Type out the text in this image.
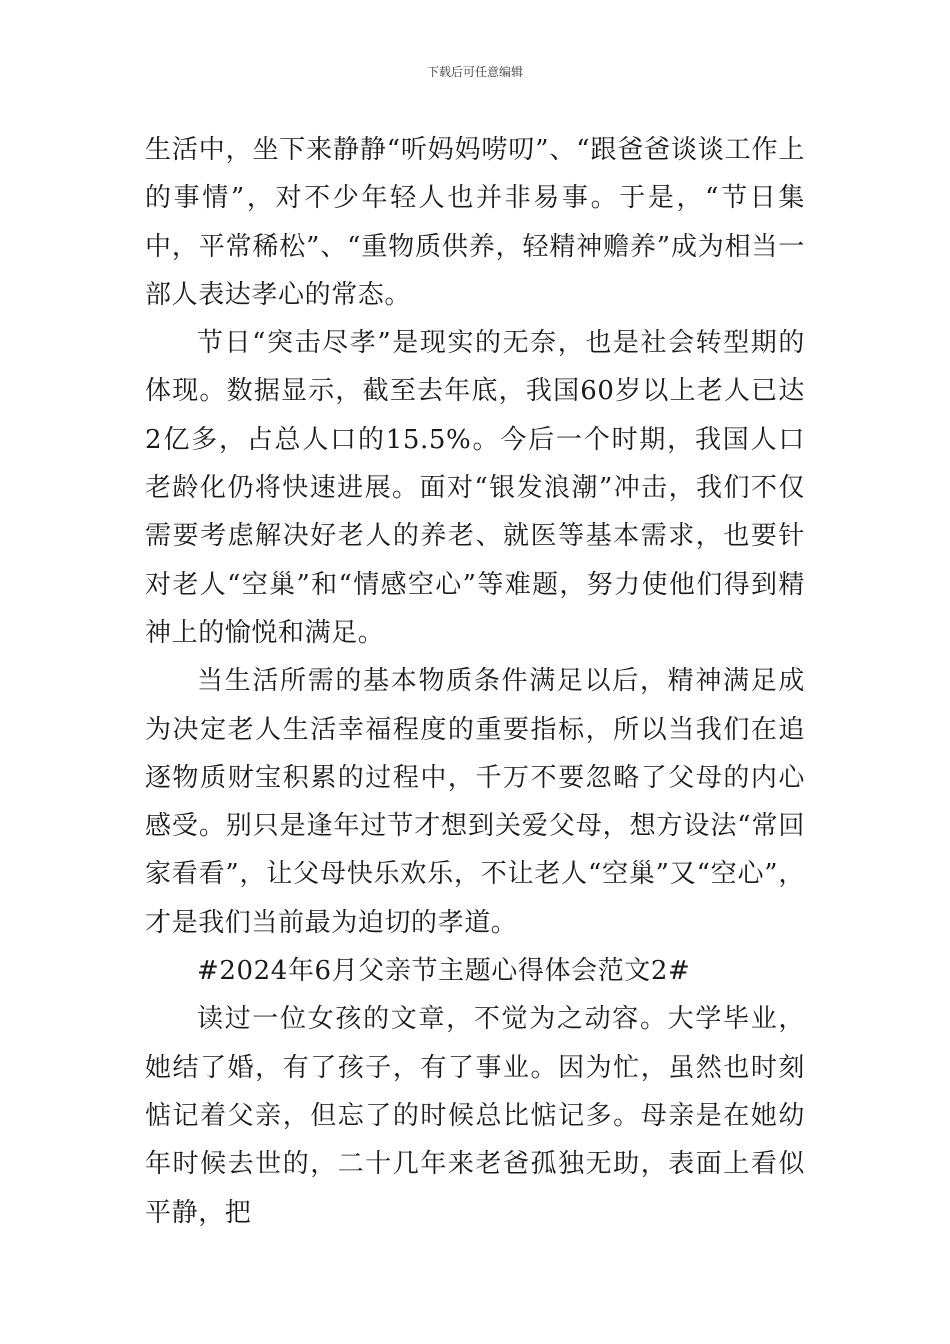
下载后可任意编辑

生活中，坐下来静静“听妈妈唠叨”、“跟爸爸谈谈工作上的事情”，对不少年轻人也并非易事。于是，“节日集中，平常稀松”、“重物质供养，轻精神赡养”成为相当一部人表达孝心的常态。

节日“突击尽孝”是现实的无奈，也是社会转型期的体现。数据显示，截至去年底，我国60岁以上老人已达2亿多，占总人口的15.5%。今后一个时期，我国人口老龄化仍将快速进展。面对“银发浪潮”冲击，我们不仅需要考虑解决好老人的养老、就医等基本需求，也要针对老人“空巢”和“情感空心”等难题，努力使他们得到精神上的愉悦和满足。

当生活所需的基本物质条件满足以后，精神满足成为决定老人生活幸福程度的重要指标，所以当我们在追逐物质财宝积累的过程中，千万不要忽略了父母的内心感受。别只是逢年过节才想到关爱父母，想方设法“常回家看看”，让父母快乐欢乐，不让老人“空巢”又“空心”，才是我们当前最为迫切的孝道。

#2024年6月父亲节主题心得体会范文2#

读过一位女孩的文章，不觉为之动容。大学毕业，她结了婚，有了孩子，有了事业。因为忙，虽然也时刻惦记着父亲，但忘了的时候总比惦记多。母亲是在她幼年时候去世的，二十几年来老爸孤独无助，表面上看似平静，把
